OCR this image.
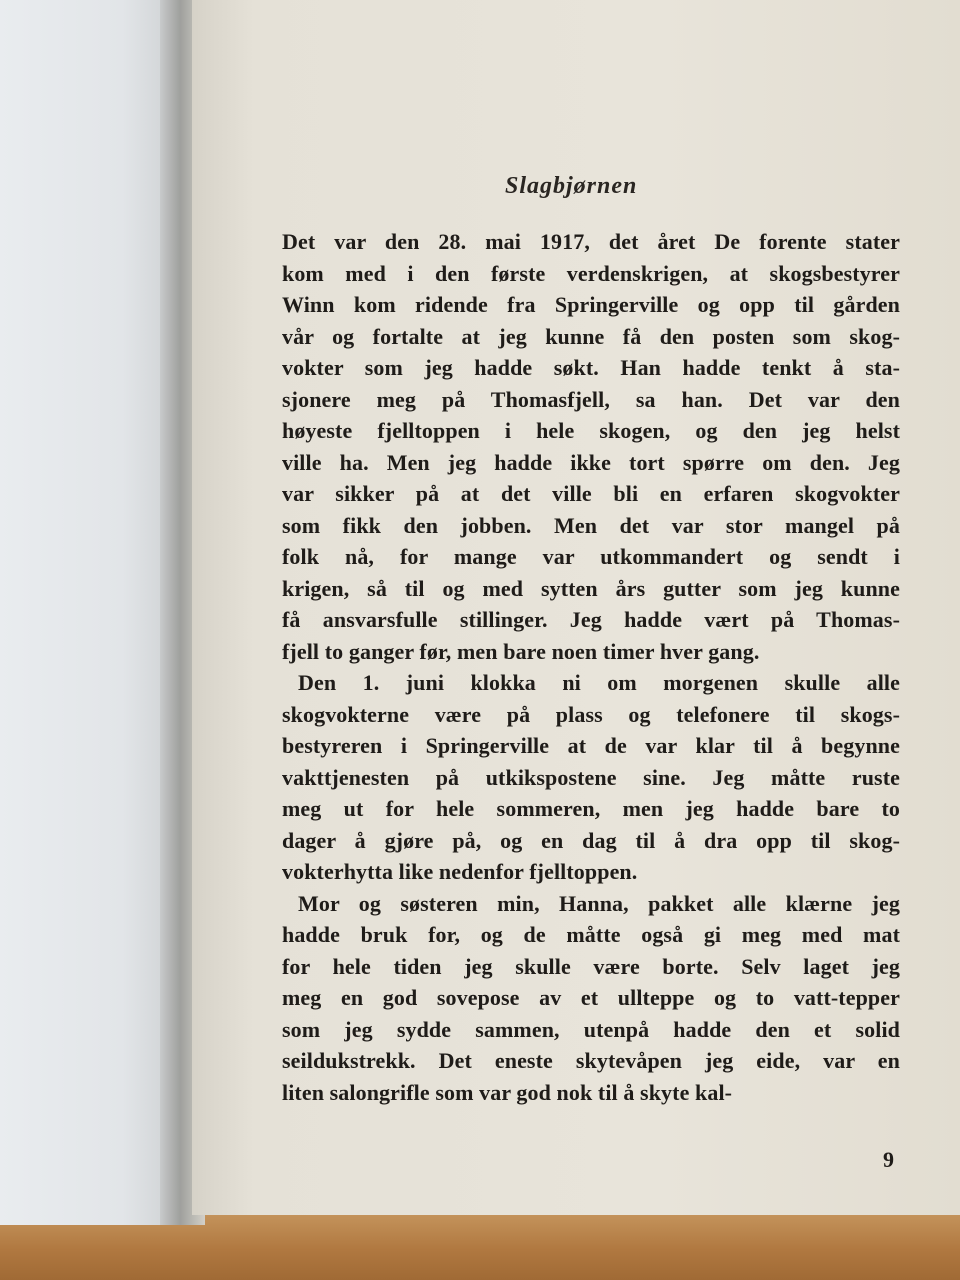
Slagbjørnen
Det var den 28. mai 1917, det året De forente stater
kom med i den første verdenskrigen, at skogsbestyrer
Winn kom ridende fra Springerville og opp til gården
vår og fortalte at jeg kunne få den posten som skog-
vokter som jeg hadde søkt. Han hadde tenkt å sta-
sjonere meg på Thomasfjell, sa han. Det var den
høyeste fjelltoppen i hele skogen, og den jeg helst
ville ha. Men jeg hadde ikke tort spørre om den. Jeg
var sikker på at det ville bli en erfaren skogvokter
som fikk den jobben. Men det var stor mangel på
folk nå, for mange var utkommandert og sendt i
krigen, så til og med sytten års gutter som jeg kunne
få ansvarsfulle stillinger. Jeg hadde vært på Thomas-
fjell to ganger før, men bare noen timer hver gang.
Den 1. juni klokka ni om morgenen skulle alle
skogvokterne være på plass og telefonere til skogs-
bestyreren i Springerville at de var klar til å begynne
vakttjenesten på utkikspostene sine. Jeg måtte ruste
meg ut for hele sommeren, men jeg hadde bare to
dager å gjøre på, og en dag til å dra opp til skog-
vokterhytta like nedenfor fjelltoppen.
Mor og søsteren min, Hanna, pakket alle klærne jeg
hadde bruk for, og de måtte også gi meg med mat
for hele tiden jeg skulle være borte. Selv laget jeg
meg en god sovepose av et ullteppe og to vatt-tepper
som jeg sydde sammen, utenpå hadde den et solid
seildukstrekk. Det eneste skytevåpen jeg eide, var en
liten salongrifle som var god nok til å skyte kal-
9
